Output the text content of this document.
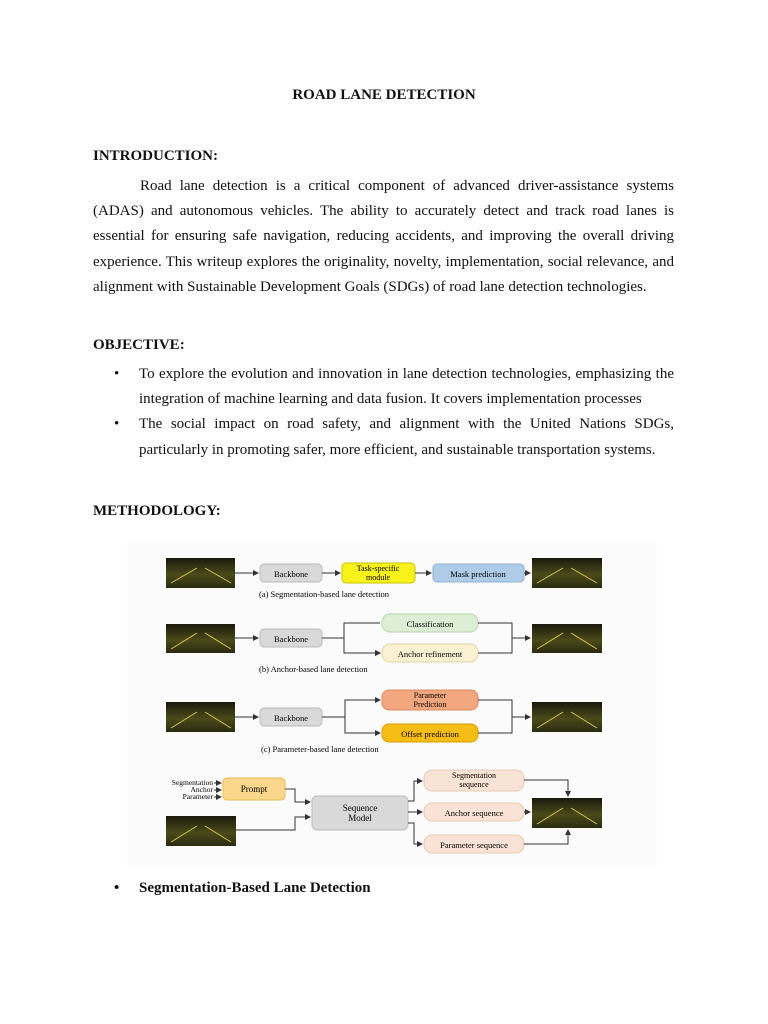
ROAD LANE DETECTION
INTRODUCTION:

Road lane detection is a critical component of advanced driver-assistance systems (ADAS) and autonomous vehicles. The ability to accurately detect and track road lanes is essential for ensuring safe navigation, reducing accidents, and improving the overall driving experience. This writeup explores the originality, novelty, implementation, social relevance, and alignment with Sustainable Development Goals (SDGs) of road lane detection technologies.

OBJECTIVE:
• To explore the evolution and innovation in lane detection technologies, emphasizing the integration of machine learning and data fusion. It covers implementation processes
• The social impact on road safety, and alignment with the United Nations SDGs, particularly in promoting safer, more efficient, and sustainable transportation systems.
METHODOLOGY:
Backbone
Task-specific
module	Mask prediction
(a) Segmentation-based lane detection
Backbone
Classification
Anchor refinement
(b) Anchor-based lane detection
Backbone
Parameter
Prediction
Offset prediction
(c) Parameter-based lane detection
Segmentation
Anchor
Parameter
Prompt
Sequence
Model
Segmentation
sequence
Anchor sequence
Parameter sequence
• Segmentation-Based Lane Detection
